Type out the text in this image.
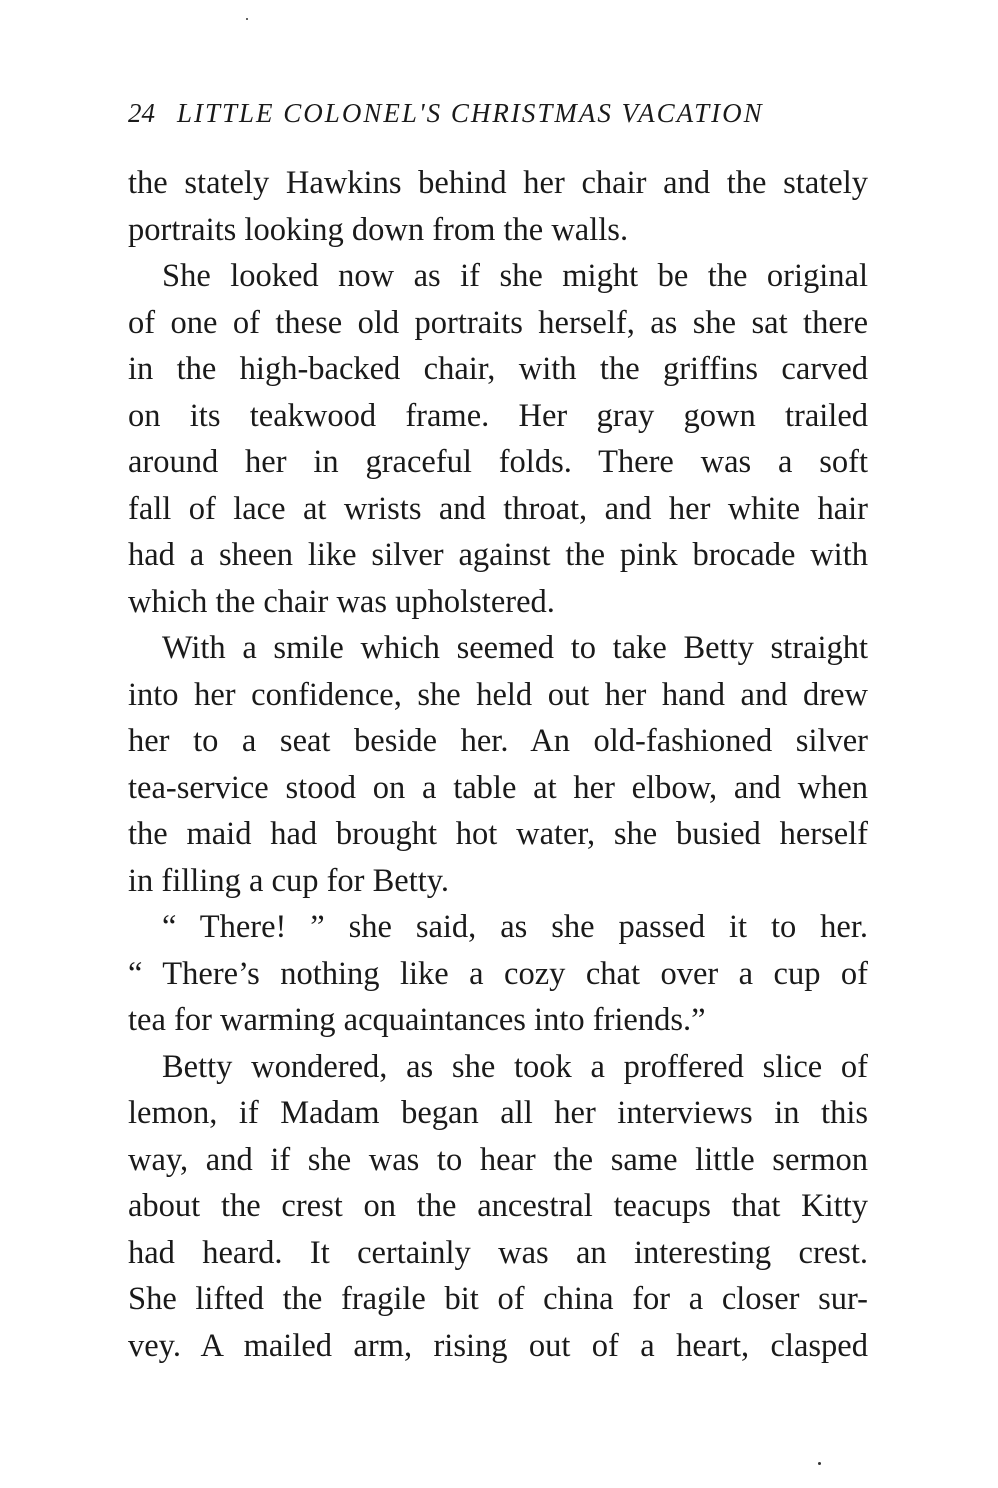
24 LITTLE COLONEL'S CHRISTMAS VACATION
the stately Hawkins behind her chair and the stately
portraits looking down from the walls.
She looked now as if she might be the original
of one of these old portraits herself, as she sat there
in the high-backed chair, with the griffins carved
on its teakwood frame. Her gray gown trailed
around her in graceful folds. There was a soft
fall of lace at wrists and throat, and her white hair
had a sheen like silver against the pink brocade with
which the chair was upholstered.
With a smile which seemed to take Betty straight
into her confidence, she held out her hand and drew
her to a seat beside her. An old-fashioned silver
tea-service stood on a table at her elbow, and when
the maid had brought hot water, she busied herself
in filling a cup for Betty.
“ There! ” she said, as she passed it to her.
“ There’s nothing like a cozy chat over a cup of
tea for warming acquaintances into friends.”
Betty wondered, as she took a proffered slice of
lemon, if Madam began all her interviews in this
way, and if she was to hear the same little sermon
about the crest on the ancestral teacups that Kitty
had heard. It certainly was an interesting crest.
She lifted the fragile bit of china for a closer sur-
vey. A mailed arm, rising out of a heart, clasped
